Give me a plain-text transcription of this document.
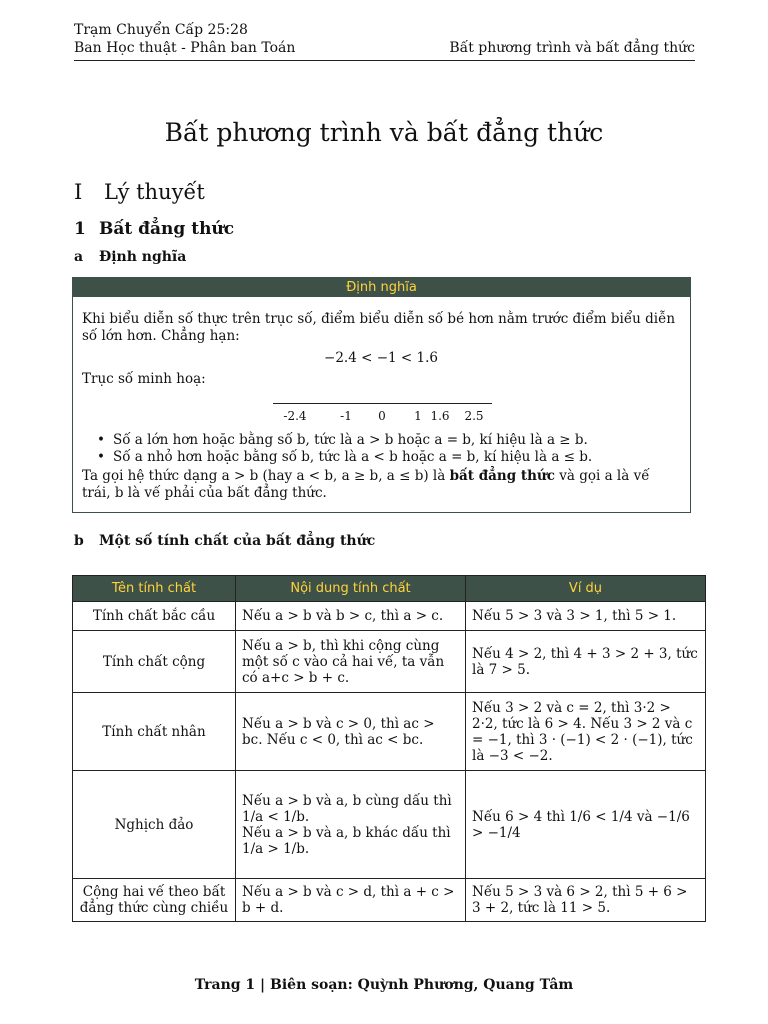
Trạm Chuyển Cấp 25:28
Ban Học thuật - Phân ban Toán	Bất phương trình và bất đẳng thức
Bất phương trình và bất đẳng thức
I Lý thuyết
1 Bất đẳng thức
a Định nghĩa
Định nghĩa
Khi biểu diễn số thực trên trục số, điểm biểu diễn số bé hơn nằm trước điểm biểu diễn số lớn hơn. Chẳng hạn:
−2.4 < −1 < 1.6
Trục số minh hoạ:
-2.4	-1 0 1 1.6 2.5
• Số a lớn hơn hoặc bằng số b, tức là a > b hoặc a = b, kí hiệu là a ≥ b.
• Số a nhỏ hơn hoặc bằng số b, tức là a < b hoặc a = b, kí hiệu là a ≤ b.
Ta gọi hệ thức dạng a > b (hay a < b, a ≥ b, a ≤ b) là bất đẳng thức và gọi a là vế trái, b là vế phải của bất đẳng thức.
b Một số tính chất của bất đẳng thức
Tên tính chất	Nội dung tính chất	Ví dụ
Tính chất bắc cầu	Nếu a > b và b > c, thì a > c.	Nếu 5 > 3 và 3 > 1, thì 5 > 1.
Tính chất cộng	Nếu a > b, thì khi cộng cùng một số c vào cả hai vế, ta vẫn có a+c > b + c.	Nếu 4 > 2, thì 4 + 3 > 2 + 3, tức là 7 > 5.
Tính chất nhân	Nếu a > b và c > 0, thì ac > bc. Nếu c < 0, thì ac < bc.	Nếu 3 > 2 và c = 2, thì 3·2 > 2·2, tức là 6 > 4. Nếu 3 > 2 và c = −1, thì 3 · (−1) < 2 · (−1), tức là −3 < −2.
Nghịch đảo	Nếu a > b và a, b cùng dấu thì
1/a < 1/b.
Nếu a > b và a, b khác dấu thì
1/a > 1/b.	Nếu 6 > 4 thì 1/6 < 1/4 và −1/6 > −1/4
Cộng hai vế theo bất đẳng thức cùng chiều	Nếu a > b và c > d, thì a + c > b + d.	Nếu 5 > 3 và 6 > 2, thì 5 + 6 > 3 + 2, tức là 11 > 5.
Trang 1 | Biên soạn: Quỳnh Phương, Quang Tâm
